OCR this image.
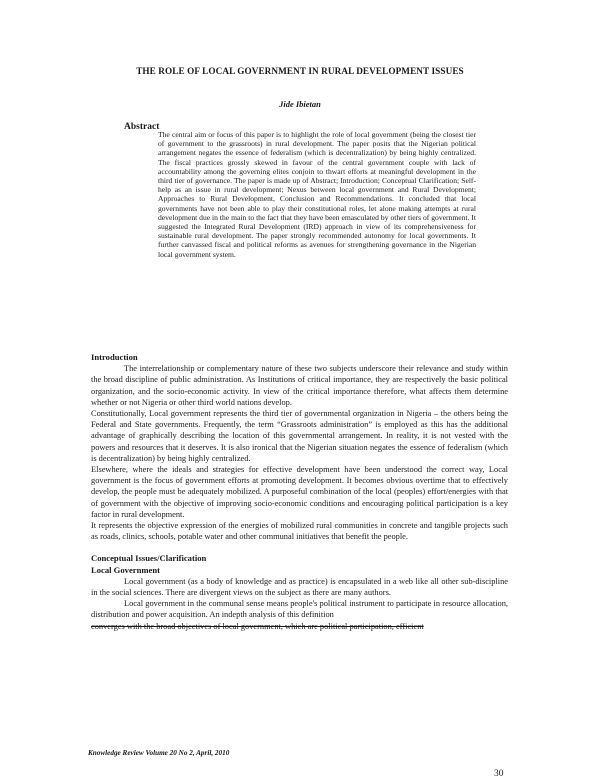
THE ROLE OF LOCAL GOVERNMENT IN RURAL DEVELOPMENT ISSUES
Jide Ibietan
Abstract

The central aim or focus of this paper is to highlight the role of local government (being the closest tier of government to the grassroots) in rural development. The paper posits that the Nigerian political arrangement negates the essence of federalism (which is decentralization) by being highly centralized. The fiscal practices grossly skewed in favour of the central government couple with lack of accountability among the governing elites conjoin to thwart efforts at meaningful development in the third tier of governance. The paper is made up of Abstract; Introduction; Conceptual Clarification; Self-help as an issue in rural development; Nexus between local government and Rural Development; Approaches to Rural Development, Conclusion and Recommendations. It concluded that local governments have not been able to play their constitutional roles, let alone making attempts at rural development due in the main to the fact that they have been emasculated by other tiers of government. It suggested the Integrated Rural Development (IRD) approach in view of its comprehensiveness for sustainable rural development. The paper strongly recommended autonomy for local governments. It further canvassed fiscal and political reforms as avenues for strengthening governance in the Nigerian local government system.

Introduction

The interrelationship or complementary nature of these two subjects underscore their relevance and study within the broad discipline of public administration. As Institutions of critical importance, they are respectively the basic political organization, and the socio-economic activity. In view of the critical importance therefore, what affects them determine whether or not Nigeria or other third world nations develop.

Constitutionally, Local government represents the third tier of governmental organization in Nigeria – the others being the Federal and State governments. Frequently, the term “Grassroots administration” is employed as this has the additional advantage of graphically describing the location of this governmental arrangement. In reality, it is not vested with the powers and resources that it deserves. It is also ironical that the Nigerian situation negates the essence of federalism (which is decentralization) by being highly centralized.

Elsewhere, where the ideals and strategies for effective development have been understood the correct way, Local government is the focus of government efforts at promoting development. It becomes obvious overtime that to effectively develop, the people must be adequately mobilized. A purposeful combination of the local (peoples) effort/energies with that of government with the objective of improving socio-economic conditions and encouraging political participation is a key factor in rural development.

It represents the objective expression of the energies of mobilized rural communities in concrete and tangible projects such as roads, clinics, schools, potable water and other communal initiatives that benefit the people.

Conceptual Issues/Clarification

Local Government

Local government (as a body of knowledge and as practice) is encapsulated in a web like all other sub-discipline in the social sciences. There are divergent views on the subject as there are many authors.

Local government in the communal sense means people's political instrument to participate in resource allocation, distribution and power acquisition. An indepth analysis of this definition

converges with the broad objectives of local government, which are political participation, efficient

Knowledge Review Volume 20 No 2, April, 2010
30
